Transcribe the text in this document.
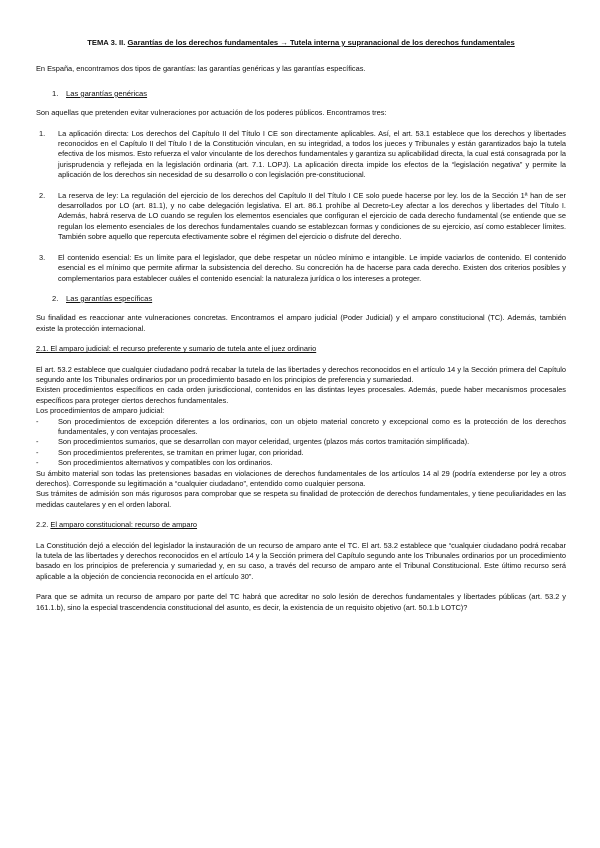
TEMA 3. II. Garantías de los derechos fundamentales → Tutela interna y supranacional de los derechos fundamentales

En España, encontramos dos tipos de garantías: las garantías genéricas y las garantías específicas.

1. Las garantías genéricas

Son aquellas que pretenden evitar vulneraciones por actuación de los poderes públicos. Encontramos tres:

1. La aplicación directa: Los derechos del Capítulo II del Título I CE son directamente aplicables. Así, el art. 53.1 establece que los derechos y libertades reconocidos en el Capítulo II del Título I de la Constitución vinculan, en su integridad, a todos los jueces y Tribunales y están garantizados bajo la tutela efectiva de los mismos. Esto refuerza el valor vinculante de los derechos fundamentales y garantiza su aplicabilidad directa, la cual está consagrada por la jurisprudencia y reflejada en la legislación ordinaria (art. 7.1. LOPJ). La aplicación directa impide los efectos de la “legislación negativa” y permite la aplicación de los derechos sin necesidad de su desarrollo o con legislación pre-constitucional.
2. La reserva de ley: La regulación del ejercicio de los derechos del Capítulo II del Título I CE solo puede hacerse por ley. los de la Sección 1ª han de ser desarrollados por LO (art. 81.1), y no cabe delegación legislativa. El art. 86.1 prohíbe al Decreto-Ley afectar a los derechos y libertades del Título I. Además, habrá reserva de LO cuando se regulen los elementos esenciales que configuran el ejercicio de cada derecho fundamental (se entiende que se regulan los elemento esenciales de los derechos fundamentales cuando se establezcan formas y condiciones de su ejercicio, así como establecer límites. También sobre aquello que repercuta efectivamente sobre el régimen del ejercicio o disfrute del derecho.
3. El contenido esencial: Es un límite para el legislador, que debe respetar un núcleo mínimo e intangible. Le impide vaciarlos de contenido. El contenido esencial es el mínimo que permite afirmar la subsistencia del derecho. Su concreción ha de hacerse para cada derecho. Existen dos criterios posibles y complementarios para establecer cuáles el contenido esencial: la naturaleza jurídica o los intereses a proteger.
2. Las garantías específicas

Su finalidad es reaccionar ante vulneraciones concretas. Encontramos el amparo judicial (Poder Judicial) y el amparo constitucional (TC). Además, también existe la protección internacional.

2.1. El amparo judicial: el recurso preferente y sumario de tutela ante el juez ordinario

El art. 53.2 establece que cualquier ciudadano podrá recabar la tutela de las libertades y derechos reconocidos en el artículo 14 y la Sección primera del Capítulo segundo ante los Tribunales ordinarios por un procedimiento basado en los principios de preferencia y sumariedad.

Existen procedimientos específicos en cada orden jurisdiccional, contenidos en las distintas leyes procesales. Además, puede haber mecanismos procesales específicos para proteger ciertos derechos fundamentales.

Los procedimientos de amparo judicial:

-	Son procedimientos de excepción diferentes a los ordinarios, con un objeto material concreto y excepcional como es la protección de los derechos fundamentales, y con ventajas procesales.
-	Son procedimientos sumarios, que se desarrollan con mayor celeridad, urgentes (plazos más cortos tramitación simplificada).
-	Son procedimientos preferentes, se tramitan en primer lugar, con prioridad.
-	Son procedimientos alternativos y compatibles con los ordinarios.

Su ámbito material son todas las pretensiones basadas en violaciones de derechos fundamentales de los artículos 14 al 29 (podría extenderse por ley a otros derechos). Corresponde su legitimación a “cualquier ciudadano”, entendido como cualquier persona.

Sus trámites de admisión son más rigurosos para comprobar que se respeta su finalidad de protección de derechos fundamentales, y tiene peculiaridades en las medidas cautelares y en el orden laboral.

2.2. El amparo constitucional: recurso de amparo

La Constitución dejó a elección del legislador la instauración de un recurso de amparo ante el TC. El art. 53.2 establece que “cualquier ciudadano podrá recabar la tutela de las libertades y derechos reconocidos en el artículo 14 y la Sección primera del Capítulo segundo ante los Tribunales ordinarios por un procedimiento basado en los principios de preferencia y sumariedad y, en su caso, a través del recurso de amparo ante el Tribunal Constitucional. Este último recurso será aplicable a la objeción de conciencia reconocida en el artículo 30”.

Para que se admita un recurso de amparo por parte del TC habrá que acreditar no solo lesión de derechos fundamentales y libertades públicas (art. 53.2 y 161.1.b), sino la especial trascendencia constitucional del asunto, es decir, la existencia de un requisito objetivo (art. 50.1.b LOTC)?
